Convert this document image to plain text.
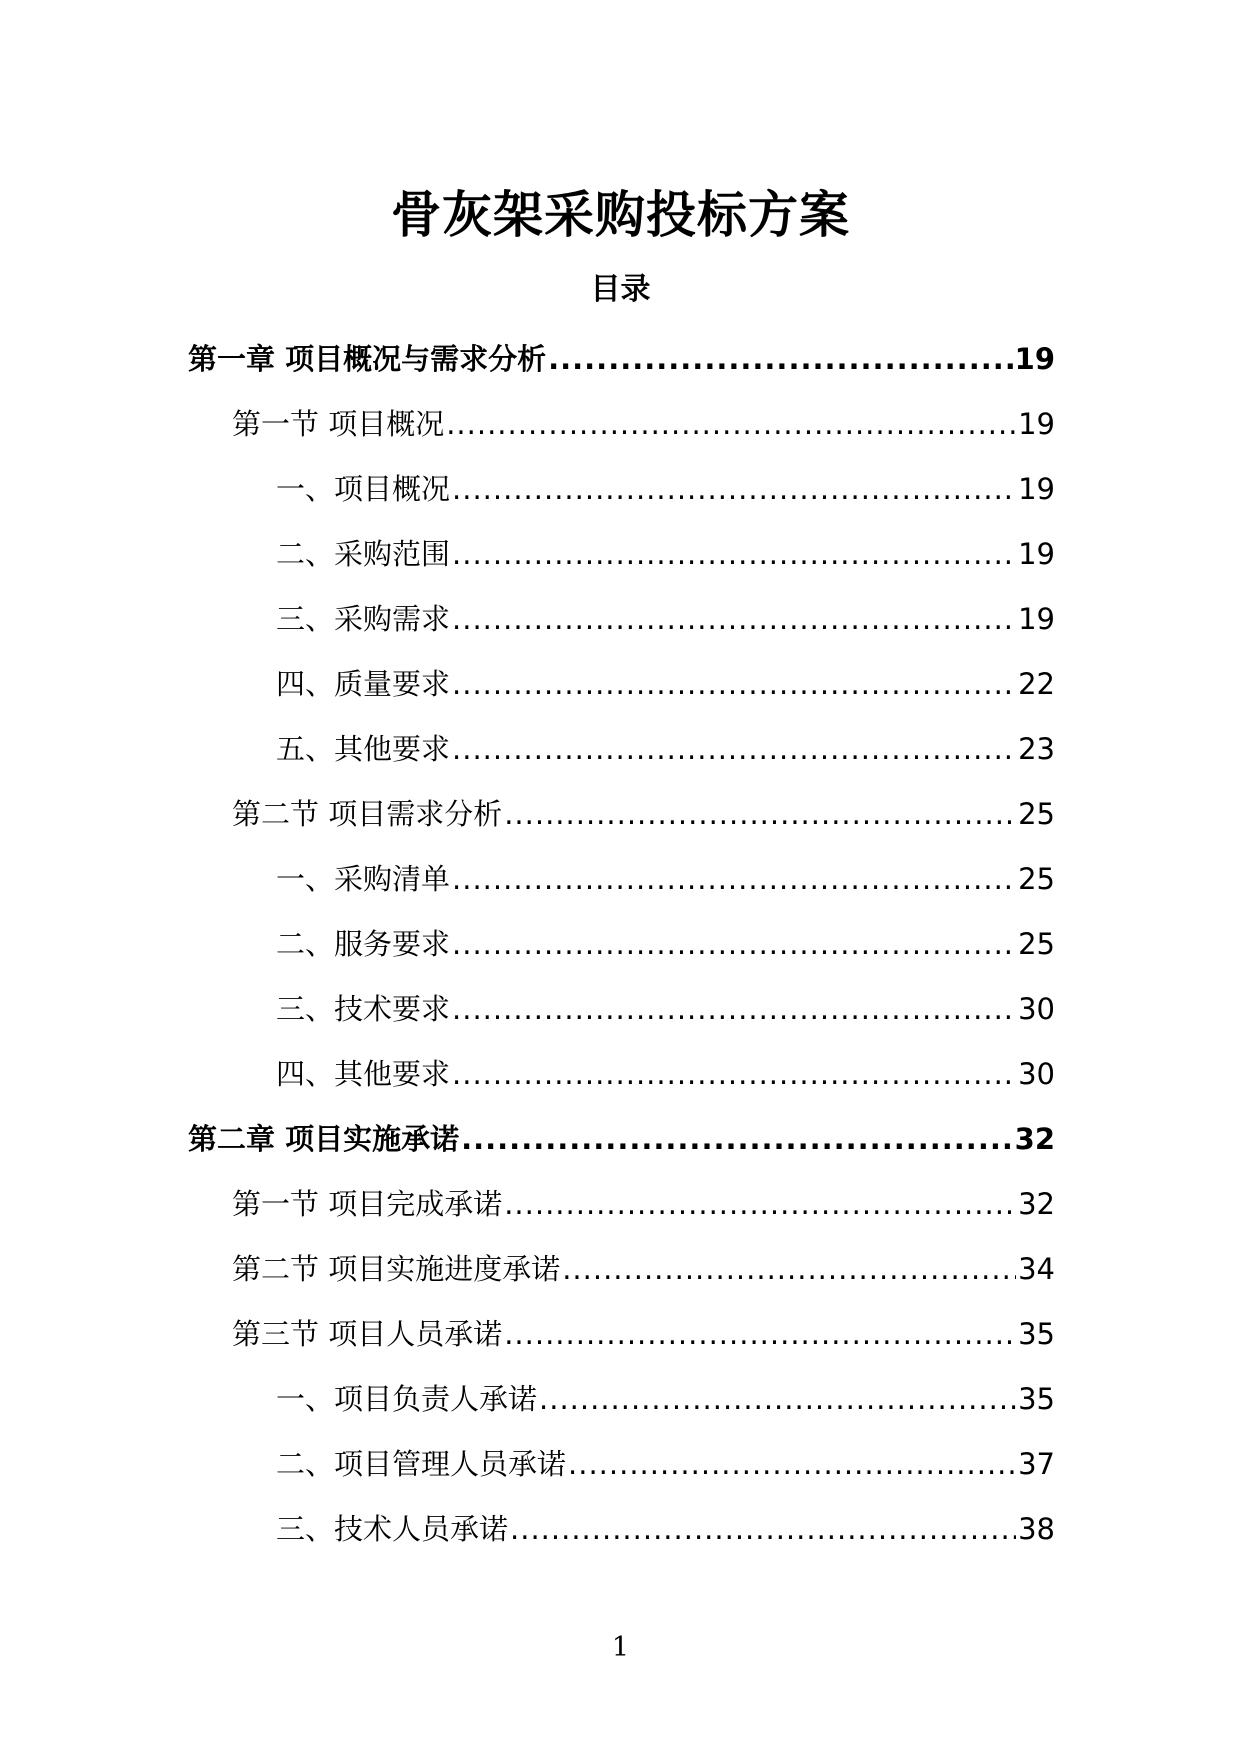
骨灰架采购投标方案
目录
第一章 项目概况与需求分析 .....	19
第一节 项目概况 .....	19
一、项目概况 .....	19
二、采购范围 .....	19
三、采购需求 .....	19
四、质量要求 .....	22
五、其他要求 .....	23
第二节 项目需求分析 .....	25
一、采购清单 .....	25
二、服务要求 .....	25
三、技术要求 .....	30
四、其他要求 .....	30
第二章 项目实施承诺 .....	32
第一节 项目完成承诺 .....	32
第二节 项目实施进度承诺 .....	34
第三节 项目人员承诺 .....	35
一、项目负责人承诺 .....	35
二、项目管理人员承诺 .....	37
三、技术人员承诺 .....	38
1
